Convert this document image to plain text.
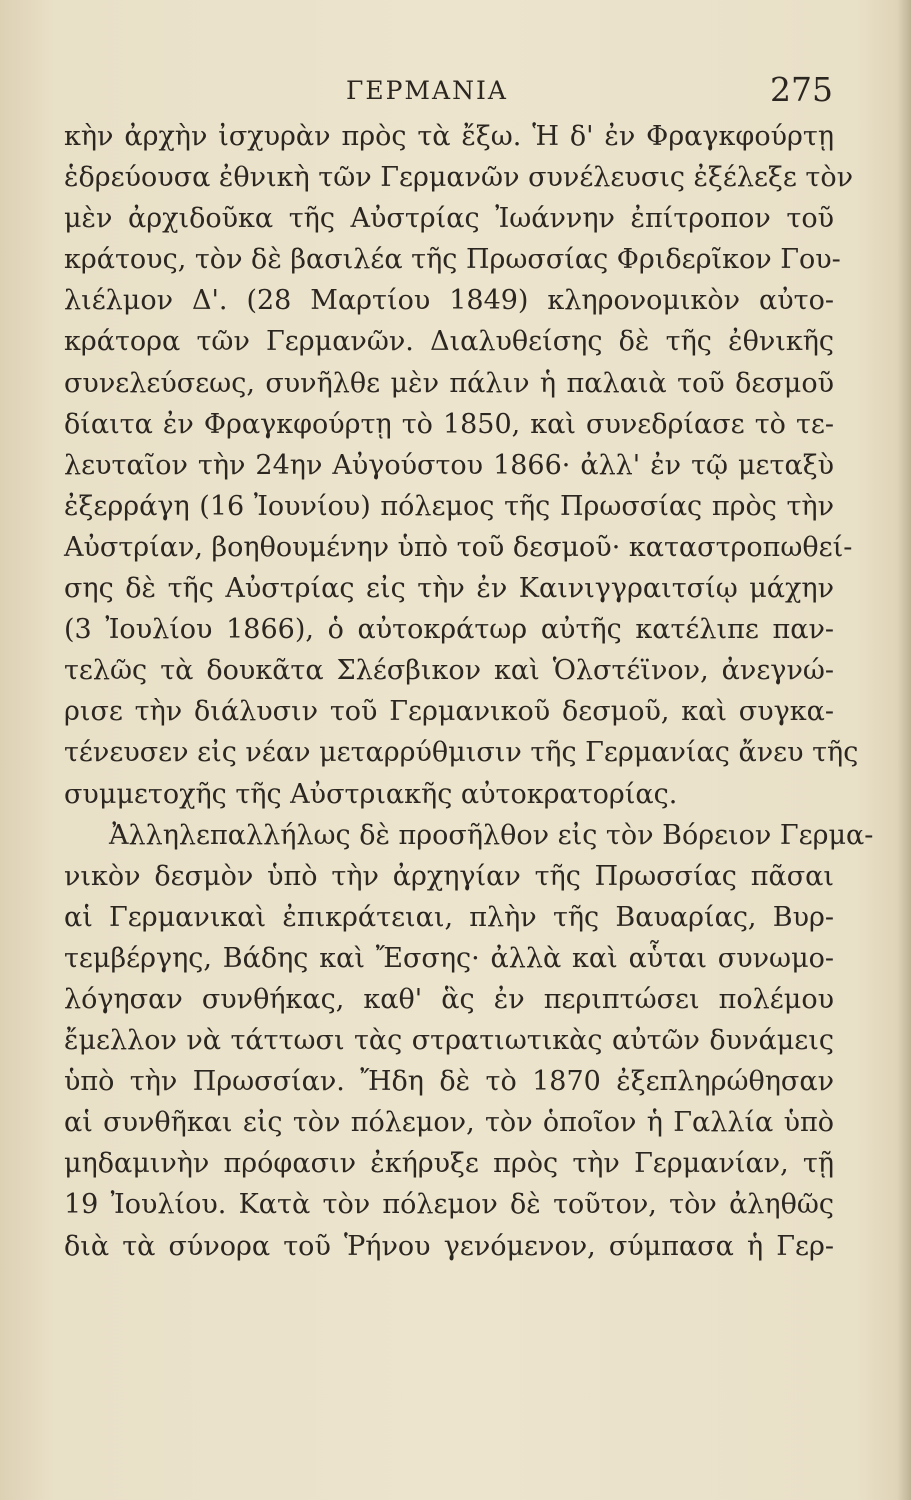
ΓΕΡΜΑΝΙΑ	275
κὴν ἀρχὴν ἰσχυρὰν πρὸς τὰ ἔξω. Ἡ δ' ἐν Φραγκφούρτῃ
ἑδρεύουσα ἐθνικὴ τῶν Γερμανῶν συνέλευσις ἐξέλεξε τὸν
μὲν ἀρχιδοῦκα τῆς Αὐστρίας Ἰωάννην ἐπίτροπον τοῦ
κράτους, τὸν δὲ βασιλέα τῆς Πρωσσίας Φριδερῖκον Γου-
λιέλμον Δ'. (28 Μαρτίου 1849) κληρονομικὸν αὐτο-
κράτορα τῶν Γερμανῶν. Διαλυθείσης δὲ τῆς ἐθνικῆς
συνελεύσεως, συνῆλθε μὲν πάλιν ἡ παλαιὰ τοῦ δεσμοῦ
δίαιτα ἐν Φραγκφούρτῃ τὸ 1850, καὶ συνεδρίασε τὸ τε-
λευταῖον τὴν 24ην Αὐγούστου 1866· ἀλλ' ἐν τῷ μεταξὺ
ἐξερράγη (16 Ἰουνίου) πόλεμος τῆς Πρωσσίας πρὸς τὴν
Αὐστρίαν, βοηθουμένην ὑπὸ τοῦ δεσμοῦ· καταστροπωθεί-
σης δὲ τῆς Αὐστρίας εἰς τὴν ἐν Καινιγγραιτσίῳ μάχην
(3 Ἰουλίου 1866), ὁ αὐτοκράτωρ αὐτῆς κατέλιπε παν-
τελῶς τὰ δουκᾶτα Σλέσβικον καὶ Ὁλστέϊνον, ἀνεγνώ-
ρισε τὴν διάλυσιν τοῦ Γερμανικοῦ δεσμοῦ, καὶ συγκα-
τένευσεν εἰς νέαν μεταρρύθμισιν τῆς Γερμανίας ἄνευ τῆς
συμμετοχῆς τῆς Αὐστριακῆς αὐτοκρατορίας.
Ἀλληλεπαλλήλως δὲ προσῆλθον εἰς τὸν Βόρειον Γερμα-
νικὸν δεσμὸν ὑπὸ τὴν ἀρχηγίαν τῆς Πρωσσίας πᾶσαι
αἱ Γερμανικαὶ ἐπικράτειαι, πλὴν τῆς Βαυαρίας, Βυρ-
τεμβέργης, Βάδης καὶ Ἔσσης· ἀλλὰ καὶ αὗται συνωμο-
λόγησαν συνθήκας, καθ' ἃς ἐν περιπτώσει πολέμου
ἔμελλον νὰ τάττωσι τὰς στρατιωτικὰς αὐτῶν δυνάμεις
ὑπὸ τὴν Πρωσσίαν. Ἤδη δὲ τὸ 1870 ἐξεπληρώθησαν
αἱ συνθῆκαι εἰς τὸν πόλεμον, τὸν ὁποῖον ἡ Γαλλία ὑπὸ
μηδαμινὴν πρόφασιν ἐκήρυξε πρὸς τὴν Γερμανίαν, τῇ
19 Ἰουλίου. Κατὰ τὸν πόλεμον δὲ τοῦτον, τὸν ἀληθῶς
διὰ τὰ σύνορα τοῦ Ῥήνου γενόμενον, σύμπασα ἡ Γερ-
